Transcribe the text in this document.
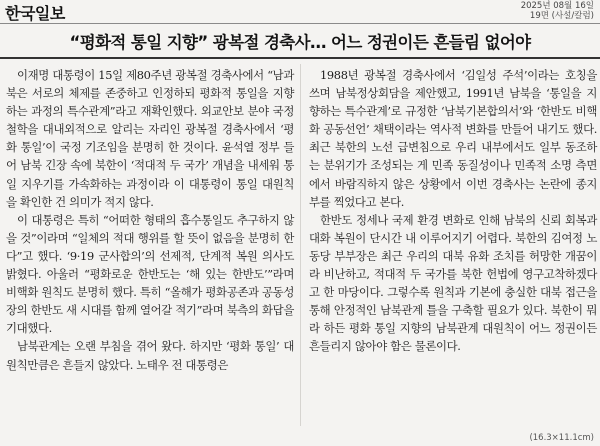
한국일보	2025년 08월 16일
19면 (사설/칼럼)
“평화적 통일 지향” 광복절 경축사… 어느 정권이든 흔들림 없어야

이재명 대통령이 15일 제80주년 광복절 경축사에서 “남과 북은 서로의 체제를 존중하고 인정하되 평화적 통일을 지향하는 과정의 특수관계”라고 재확인했다. 외교안보 분야 국정 철학을 대내외적으로 알리는 자리인 광복절 경축사에서 ‘평화 통일’이 국정 기조임을 분명히 한 것이다. 윤석열 정부 들어 남북 긴장 속에 북한이 ‘적대적 두 국가’ 개념을 내세워 통일 지우기를 가속화하는 과정이라 이 대통령이 통일 대원칙을 확인한 건 의미가 적지 않다.

이 대통령은 특히 “어떠한 형태의 흡수통일도 추구하지 않을 것”이라며 “일체의 적대 행위를 할 뜻이 없음을 분명히 한다”고 했다. ‘9·19 군사합의’의 선제적, 단계적 복원 의사도 밝혔다. 아울러 “평화로운 한반도는 ‘해 있는 한반도’”라며 비핵화 원칙도 분명히 했다. 특히 “올해가 평화공존과 공동성장의 한반도 새 시대를 함께 열어갈 적기”라며 북측의 화답을 기대했다.

남북관계는 오랜 부침을 겪어 왔다. 하지만 ‘평화 통일’ 대원칙만큼은 흔들지 않았다. 노태우 전 대통령은

1988년 광복절 경축사에서 ‘김일성 주석’이라는 호칭을 쓰며 남북정상회담을 제안했고, 1991년 남북을 ‘통일을 지향하는 특수관계’로 규정한 ‘남북기본합의서’와 ‘한반도 비핵화 공동선언’ 채택이라는 역사적 변화를 만들어 내기도 했다. 최근 북한의 노선 급변침으로 우리 내부에서도 일부 동조하는 분위기가 조성되는 게 민족 동질성이나 민족적 소명 측면에서 바람직하지 않은 상황에서 이번 경축사는 논란에 종지부를 찍었다고 본다.

한반도 정세나 국제 환경 변화로 인해 남북의 신뢰 회복과 대화 복원이 단시간 내 이루어지기 어렵다. 북한의 김여정 노동당 부부장은 최근 우리의 대북 유화 조치를 허망한 개꿈이라 비난하고, 적대적 두 국가를 북한 헌법에 영구고착하겠다고 한 마당이다. 그렇수록 원칙과 기본에 충실한 대북 접근을 통해 안정적인 남북관계 틀을 구축할 필요가 있다. 북한이 뭐라 하든 평화 통일 지향의 남북관계 대원칙이 어느 정권이든 흔들리지 않아야 함은 물론이다.

(16.3×11.1cm)
